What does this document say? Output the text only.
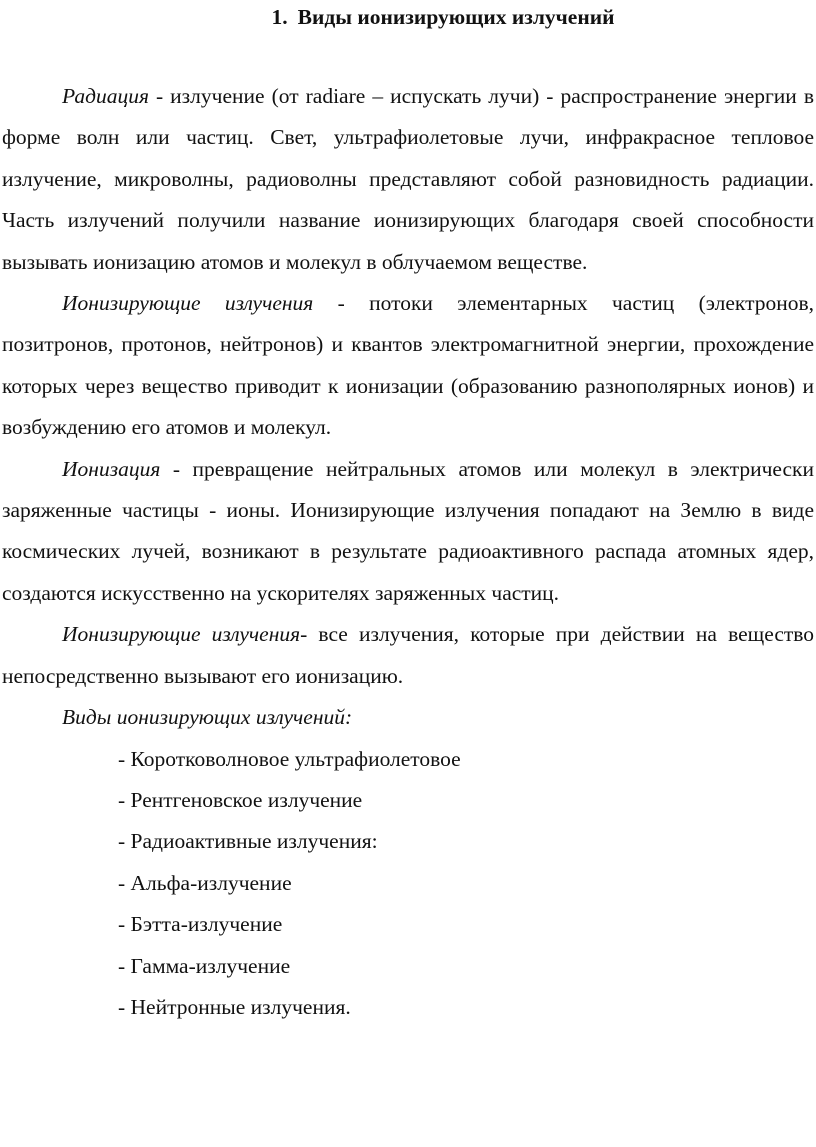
1. Виды ионизирующих излучений

Радиация - излучение (от radiare – испускать лучи) - распространение энергии в форме волн или частиц. Свет, ультрафиолетовые лучи, инфракрасное тепловое излучение, микроволны, радиоволны представляют собой разновидность радиации. Часть излучений получили название ионизирующих благодаря своей способности вызывать ионизацию атомов и молекул в облучаемом веществе.

Ионизирующие излучения - потоки элементарных частиц (электронов, позитронов, протонов, нейтронов) и квантов электромагнитной энергии, прохождение которых через вещество приводит к ионизации (образованию разнополярных ионов) и возбуждению его атомов и молекул.

Ионизация - превращение нейтральных атомов или молекул в электрически заряженные частицы - ионы. Ионизирующие излучения попадают на Землю в виде космических лучей, возникают в результате радиоактивного распада атомных ядер, создаются искусственно на ускорителях заряженных частиц.

Ионизирующие излучения- все излучения, которые при действии на вещество непосредственно вызывают его ионизацию.

Виды ионизирующих излучений:

- Коротковолновое ультрафиолетовое
- Рентгеновское излучение
- Радиоактивные излучения:
- Альфа-излучение
- Бэтта-излучение
- Гамма-излучение
- Нейтронные излучения.
